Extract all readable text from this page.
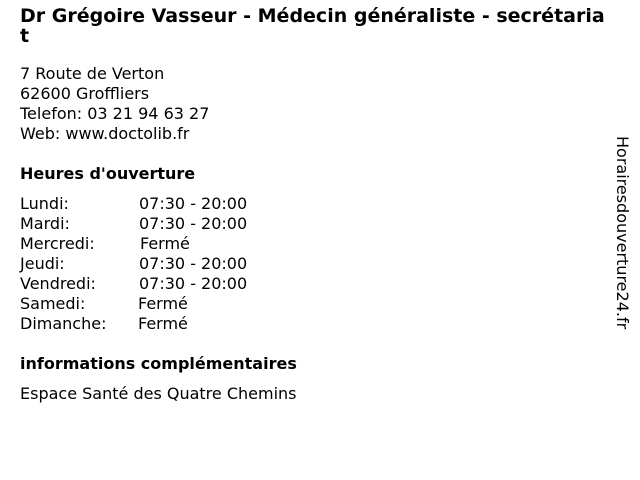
Dr Grégoire Vasseur - Médecin généraliste - secrétariat
7 Route de Verton
62600 Groffliers
Telefon: 03 21 94 63 27
Web: www.doctolib.fr
Heures d'ouverture
Lundi:	07:30 - 20:00
Mardi:	07:30 - 20:00
Mercredi:	Fermé
Jeudi:	07:30 - 20:00
Vendredi:	07:30 - 20:00
Samedi:	Fermé
Dimanche: Fermé
informations complémentaires
Espace Santé des Quatre Chemins
Horairesdouverture24.fr
